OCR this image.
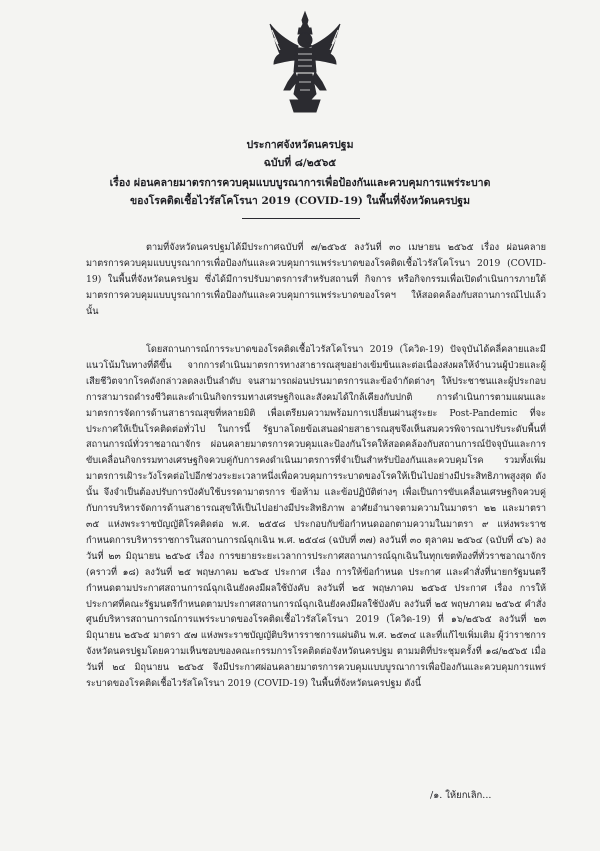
ประกาศจังหวัดนครปฐม
ฉบับที่ ๘/๒๕๖๕
เรื่อง ผ่อนคลายมาตรการควบคุมแบบบูรณาการเพื่อป้องกันและควบคุมการแพร่ระบาด
ของโรคติดเชื้อไวรัสโคโรนา 2019 (COVID-19) ในพื้นที่จังหวัดนครปฐม
ตามที่จังหวัดนครปฐมได้มีประกาศฉบับที่ ๗/๒๕๖๕ ลงวันที่ ๓๐ เมษายน ๒๕๖๕ เรื่อง ผ่อนคลายมาตรการควบคุมแบบบูรณาการเพื่อป้องกันและควบคุมการแพร่ระบาดของโรคติดเชื้อไวรัสโคโรนา 2019 (COVID-19) ในพื้นที่จังหวัดนครปฐม ซึ่งได้มีการปรับมาตรการสำหรับสถานที่ กิจการ หรือกิจกรรมเพื่อเปิดดำเนินการภายใต้มาตรการควบคุมแบบบูรณาการเพื่อป้องกันและควบคุมการแพร่ระบาดของโรคฯ ให้สอดคล้องกับสถานการณ์ไปแล้ว นั้น
โดยสถานการณ์การระบาดของโรคติดเชื้อไวรัสโคโรนา 2019 (โควิด-19) ปัจจุบันได้คลี่คลายและมีแนวโน้มในทางที่ดีขึ้น จากการดำเนินมาตรการทางสาธารณสุขอย่างเข้มข้นและต่อเนื่องส่งผลให้จำนวนผู้ป่วยและผู้เสียชีวิตจากโรคดังกล่าวลดลงเป็นลำดับ จนสามารถผ่อนปรนมาตรการและข้อจำกัดต่างๆ ให้ประชาชนและผู้ประกอบการสามารถดำรงชีวิตและดำเนินกิจกรรมทางเศรษฐกิจและสังคมได้ใกล้เคียงกับปกติ การดำเนินการตามแผนและมาตรการจัดการด้านสาธารณสุขที่หลายมิติ เพื่อเตรียมความพร้อมการเปลี่ยนผ่านสู่ระยะ Post-Pandemic ที่จะประกาศให้เป็นโรคติดต่อทั่วไป ในการนี้ รัฐบาลโดยข้อเสนอฝ่ายสาธารณสุขจึงเห็นสมควรพิจารณาปรับระดับพื้นที่สถานการณ์ทั่วราชอาณาจักร ผ่อนคลายมาตรการควบคุมและป้องกันโรคให้สอดคล้องกับสถานการณ์ปัจจุบันและการขับเคลื่อนกิจกรรมทางเศรษฐกิจควบคู่กับการคงดำเนินมาตรการที่จำเป็นสำหรับป้องกันและควบคุมโรค รวมทั้งเพิ่มมาตรการเฝ้าระวังโรคต่อไปอีกช่วงระยะเวลาหนึ่งเพื่อควบคุมการระบาดของโรคให้เป็นไปอย่างมีประสิทธิภาพสูงสุด ดังนั้น จึงจำเป็นต้องปรับการบังคับใช้บรรดามาตรการ ข้อห้าม และข้อปฏิบัติต่างๆ เพื่อเป็นการขับเคลื่อนเศรษฐกิจควบคู่กับการบริหารจัดการด้านสาธารณสุขให้เป็นไปอย่างมีประสิทธิภาพ อาศัยอำนาจตามความในมาตรา ๒๒ และมาตรา ๓๕ แห่งพระราชบัญญัติโรคติดต่อ พ.ศ. ๒๕๕๘ ประกอบกับข้อกำหนดออกตามความในมาตรา ๙ แห่งพระราชกำหนดการบริหารราชการในสถานการณ์ฉุกเฉิน พ.ศ. ๒๕๔๘ (ฉบับที่ ๓๗) ลงวันที่ ๓๐ ตุลาคม ๒๕๖๔ (ฉบับที่ ๔๖) ลงวันที่ ๒๓ มิถุนายน ๒๕๖๕ เรื่อง การขยายระยะเวลาการประกาศสถานการณ์ฉุกเฉินในทุกเขตท้องที่ทั่วราชอาณาจักร (คราวที่ ๑๘) ลงวันที่ ๒๕ พฤษภาคม ๒๕๖๕ ประกาศ เรื่อง การให้ข้อกำหนด ประกาศ และคำสั่งที่นายกรัฐมนตรีกำหนดตามประกาศสถานการณ์ฉุกเฉินยังคงมีผลใช้บังคับ ลงวันที่ ๒๕ พฤษภาคม ๒๕๖๕ ประกาศ เรื่อง การให้ประกาศที่คณะรัฐมนตรีกำหนดตามประกาศสถานการณ์ฉุกเฉินยังคงมีผลใช้บังคับ ลงวันที่ ๒๕ พฤษภาคม ๒๕๖๕ คำสั่งศูนย์บริหารสถานการณ์การแพร่ระบาดของโรคติดเชื้อไวรัสโคโรนา 2019 (โควิด-19) ที่ ๑๖/๒๕๖๕ ลงวันที่ ๒๓ มิถุนายน ๒๕๖๕ มาตรา ๕๗ แห่งพระราชบัญญัติบริหารราชการแผ่นดิน พ.ศ. ๒๕๓๔ และที่แก้ไขเพิ่มเติม ผู้ว่าราชการจังหวัดนครปฐมโดยความเห็นชอบของคณะกรรมการโรคติดต่อจังหวัดนครปฐม ตามมติที่ประชุมครั้งที่ ๑๘/๒๕๖๕ เมื่อวันที่ ๒๔ มิถุนายน ๒๕๖๕ จึงมีประกาศผ่อนคลายมาตรการควบคุมแบบบูรณาการเพื่อป้องกันและควบคุมการแพร่ระบาดของโรคติดเชื้อไวรัสโคโรนา 2019 (COVID-19) ในพื้นที่จังหวัดนครปฐม ดังนี้
/๑. ให้ยกเลิก...
